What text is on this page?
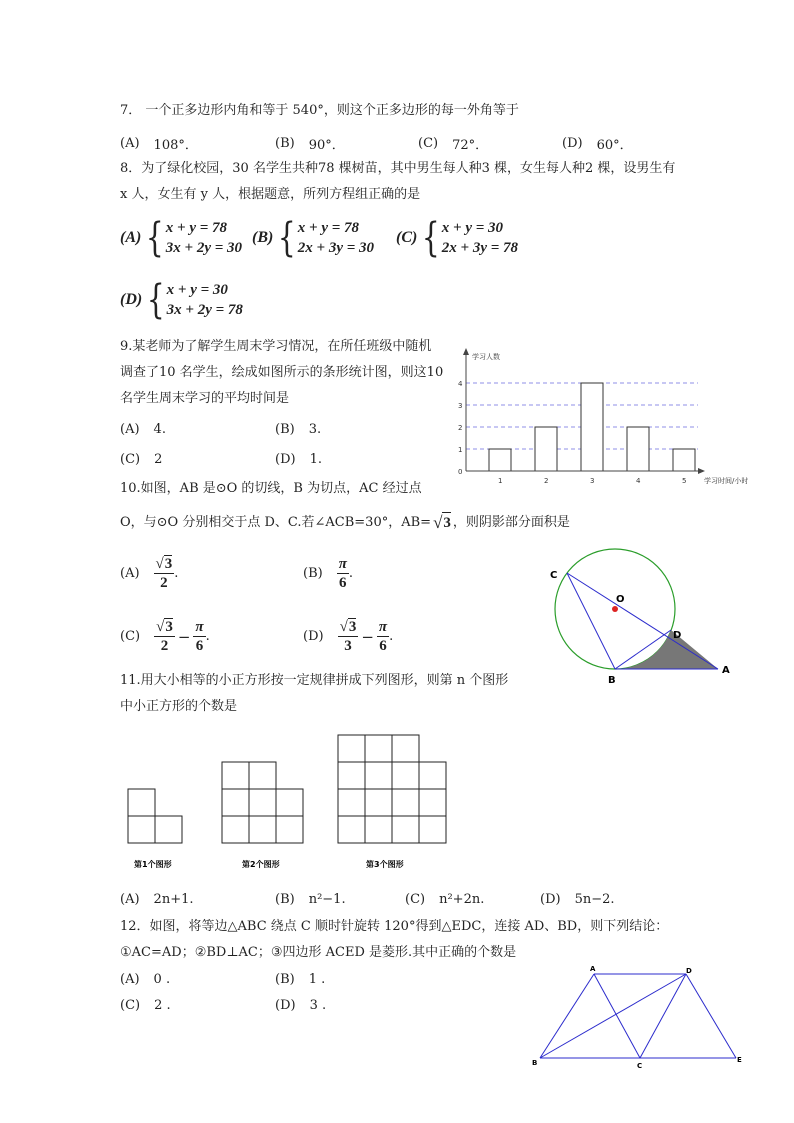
7． 一个正多边形内角和等于 540°，则这个正多边形的每一外角等于
(A) 108°．	(B) 90°．	(C) 72°．	(D) 60°．
8．为了绿化校园，30 名学生共种78 棵树苗，其中男生每人种3 棵，女生每人种2 棵，设男生有
x 人，女生有 y 人，根据题意，所列方程组正确的是
(A) { x + y = 78
3x + 2y = 30
(B) { x + y = 78
2x + 3y = 30
(C) { x + y = 30
2x + 3y = 78
(D) { x + y = 30
3x + 2y = 78
9.某老师为了解学生周末学习情况，在所任班级中随机
调查了10 名学生，绘成如图所示的条形统计图，则这10
名学生周末学习的平均时间是
(A) 4.	(B) 3.
(C) 2	(D) 1.
学习人数
学习时间/小时
0
1
2
3
4
1	2	3	4	5
10.如图，AB 是⊙O 的切线，B 为切点，AC 经过点
O，与⊙O 分别相交于点 D、C.若∠ACB=30°，AB= √ 3 ，则阴影部分面积是
$(A) \frac{√3}{2}$ .	$(B) \frac{\pi}{6}$ .
$(C) \frac{√3}{2} - \frac{\pi}{6}$ .	$(D) \frac{√3}{3} - \frac{\pi}{6}$ .
C
O
D
B
A
11.用大小相等的小正方形按一定规律拼成下列图形，则第 n 个图形
中小正方形的个数是
第1个图形	第2个图形	第3个图形
(A) 2n+1.	(B) n²−1.	(C) n²+2n.	(D) 5n−2.
12．如图，将等边△ABC 绕点 C 顺时针旋转 120°得到△EDC，连接 AD、BD，则下列结论：
①AC=AD；②BD⊥AC；③四边形 ACED 是菱形.其中正确的个数是
(A) 0 .	(B) 1 .
(C) 2 .	(D) 3 .
A	D
B	C
E
